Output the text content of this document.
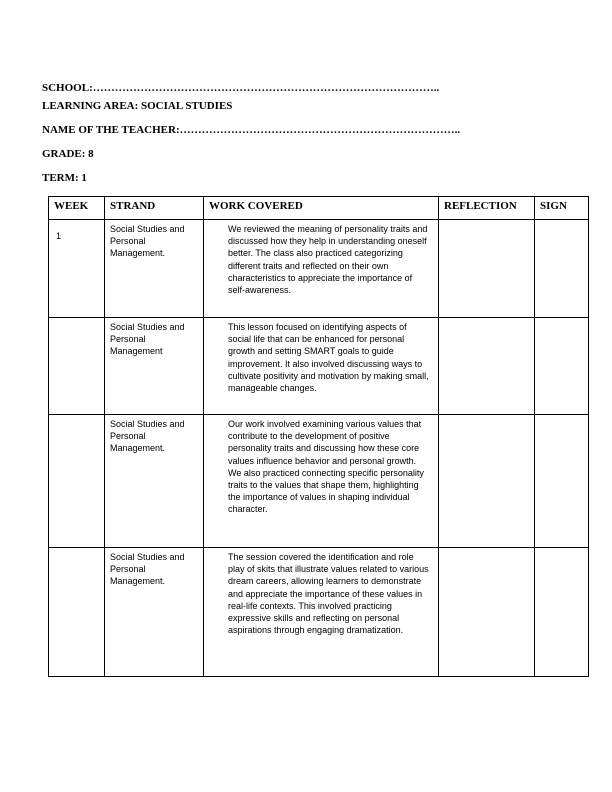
SCHOOL:…………………………………………………………………………………..
LEARNING AREA: SOCIAL STUDIES
NAME OF THE TEACHER:…………………………………………………………………..
GRADE: 8
TERM: 1
WEEK	STRAND	WORK COVERED	REFLECTION	SIGN
1	Social Studies and Personal Management.	We reviewed the meaning of personality traits and discussed how they help in understanding oneself better. The class also practiced categorizing different traits and reflected on their own characteristics to appreciate the importance of self-awareness.		
	Social Studies and Personal Management	This lesson focused on identifying aspects of social life that can be enhanced for personal growth and setting SMART goals to guide improvement. It also involved discussing ways to cultivate positivity and motivation by making small, manageable changes.		
	Social Studies and Personal Management.	Our work involved examining various values that contribute to the development of positive personality traits and discussing how these core values influence behavior and personal growth. We also practiced connecting specific personality traits to the values that shape them, highlighting the importance of values in shaping individual character.		
	Social Studies and Personal Management.	The session covered the identification and role play of skits that illustrate values related to various dream careers, allowing learners to demonstrate and appreciate the importance of these values in real-life contexts. This involved practicing expressive skills and reflecting on personal aspirations through engaging dramatization.		
